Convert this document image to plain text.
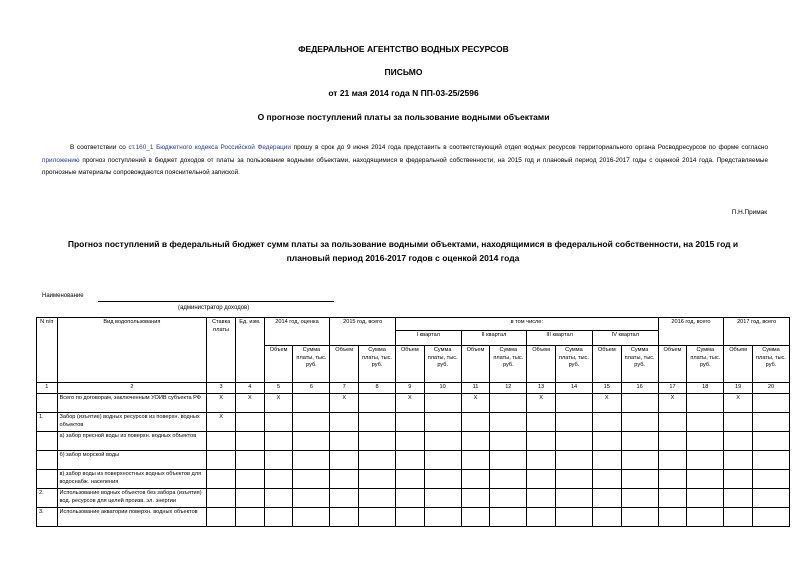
ФЕДЕРАЛЬНОЕ АГЕНТСТВО ВОДНЫХ РЕСУРСОВ
ПИСЬМО
от 21 мая 2014 года N ПП-03-25/2596
О прогнозе поступлений платы за пользование водными объектами
В соответствии со ст.160_1 Бюджетного кодекса Российской Федерации прошу в срок до 9 июня 2014 года представить в соответствующий отдел водных ресурсов территориального органа Росводресурсов по форме согласно приложению прогноз поступлений в бюджет доходов от платы за пользование водными объектами, находящимися в федеральной собственности, на 2015 год и плановый период 2016-2017 годы с оценкой 2014 года. Представляемые прогнозные материалы сопровождаются пояснительной запиской.
П.Н.Примак
Прогноз поступлений в федеральный бюджет сумм платы за пользование водными объектами, находящимися в федеральной собственности, на 2015 год и
плановый период 2016-2017 годов с оценкой 2014 года
Наименование
(администратор доходов)
N п/п	Вид водопользования	Ставка платы	Ед. изм.	2014 год, оценка		2015 год, всего		в том числе:								2016 год, всего		2017 год, всего	
								I квартал		II квартал		III квартал		IV квартал					
				Объем	Сумма платы, тыс. руб.	Объем	Сумма платы, тыс. руб.	Объем	Сумма платы, тыс. руб.	Объем	Сумма платы, тыс. руб.	Объем	Сумма платы, тыс. руб.	Объем	Сумма платы, тыс. руб.	Объем	Сумма платы, тыс. руб.	Объем	Сумма платы, тыс. руб.
1	2	3	4	5	6	7	8	9	10	11	12	13	14	15	16	17	18	19	20
	Всего по договорам, заключенным УОИВ субъекта РФ	X	X	X		X		X		X		X		X		X		X	
1.	Забор (изъятие) водных ресурсов из поверхн. водных объектов	X																	
	а) забор пресной воды из поверхн. водных объектов																		
	б) забор морской воды																		
	в) забор воды из поверхностных водных объектов для водоснабж. населения																		
2.	Использование водных объектов без забора (изъятия) вод. ресурсов для целей произв. эл. энергии																		
3.	Использование акватории поверхн. водных объектов																		
